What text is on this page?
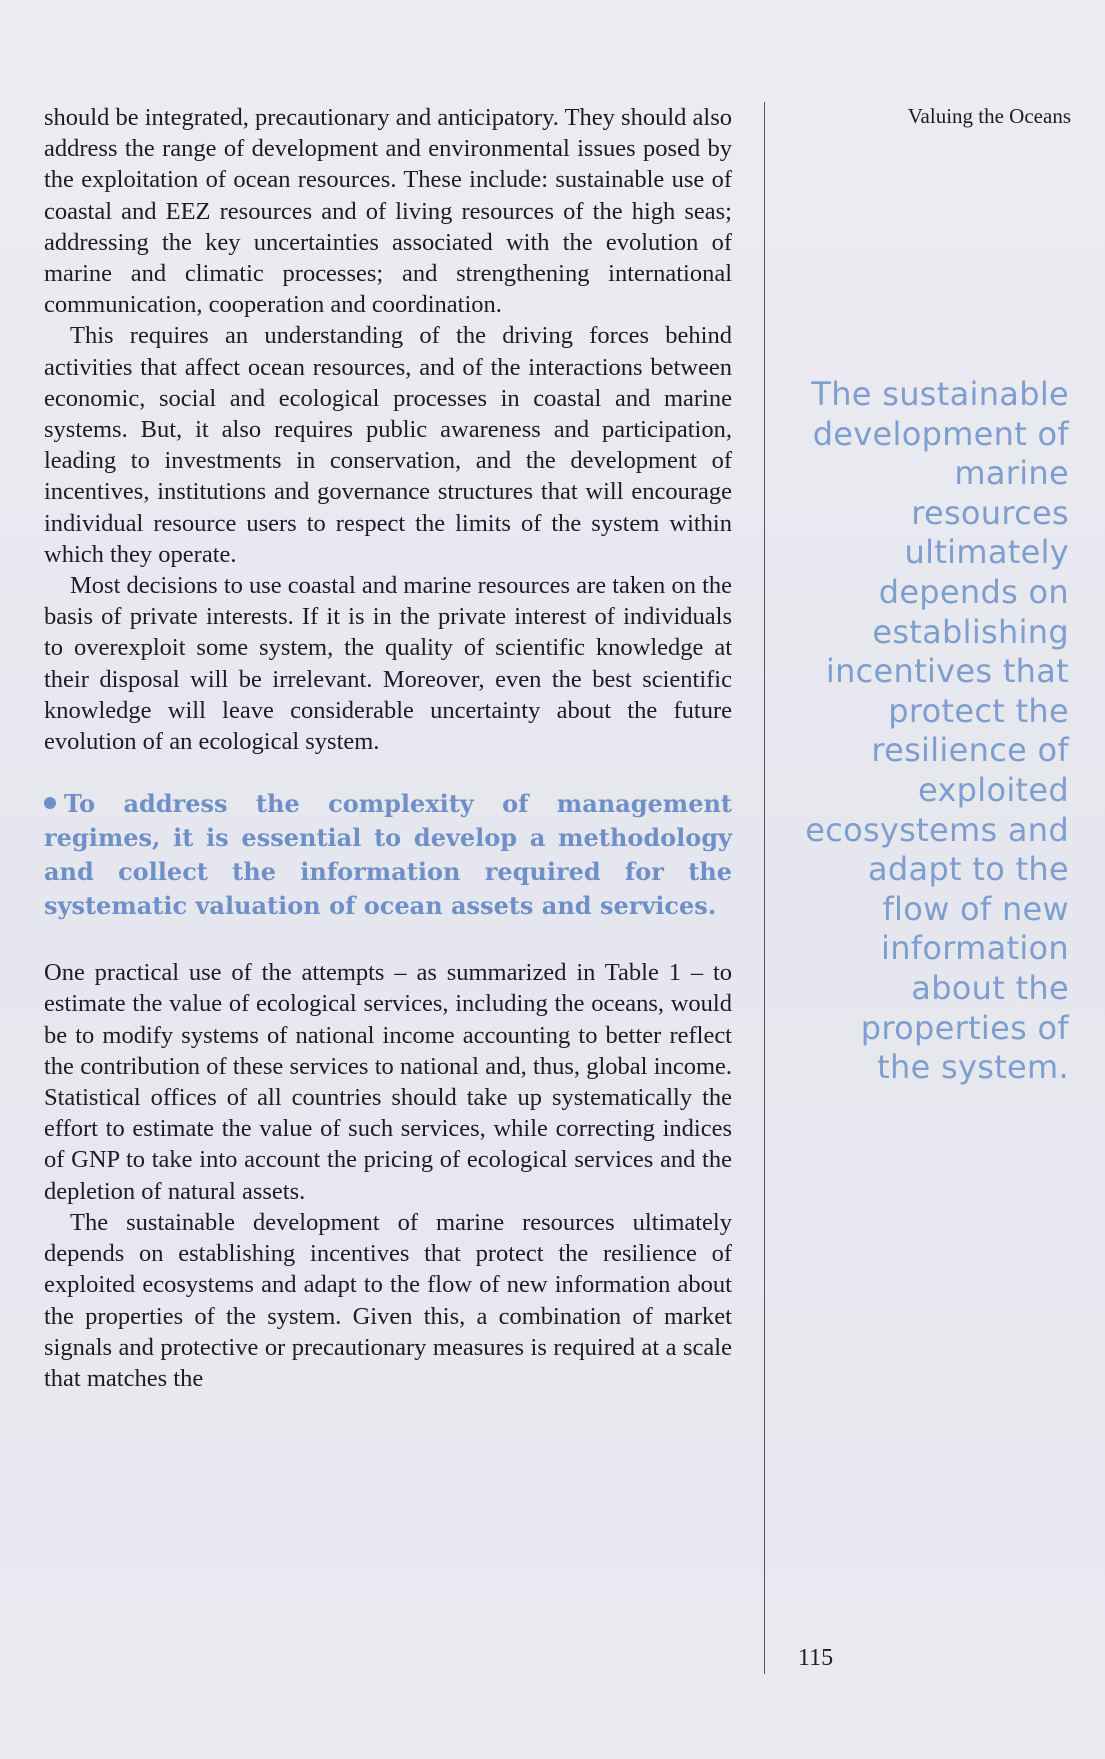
Valuing the Oceans

should be integrated, precautionary and anticipatory. They should also address the range of development and environmental issues posed by the exploitation of ocean resources. These include: sustainable use of coastal and EEZ resources and of living resources of the high seas; addressing the key uncertainties associated with the evolution of marine and climatic processes; and strengthening international communication, cooperation and coordination.

This requires an understanding of the driving forces behind activities that affect ocean resources, and of the interactions between economic, social and ecological processes in coastal and marine systems. But, it also requires public awareness and participation, leading to investments in conservation, and the development of incentives, institutions and governance structures that will encourage individual resource users to respect the limits of the system within which they operate.

Most decisions to use coastal and marine resources are taken on the basis of private interests. If it is in the private interest of individuals to overexploit some system, the quality of scientific knowledge at their disposal will be irrelevant. Moreover, even the best scientific knowledge will leave considerable uncertainty about the future evolution of an ecological system.

To address the complexity of management regimes, it is essential to develop a methodology and collect the information required for the systematic valuation of ocean assets and services.

One practical use of the attempts – as summarized in Table 1 – to estimate the value of ecological services, including the oceans, would be to modify systems of national income accounting to better reflect the contribution of these services to national and, thus, global income. Statistical offices of all countries should take up systematically the effort to estimate the value of such services, while correcting indices of GNP to take into account the pricing of ecological services and the depletion of natural assets.

The sustainable development of marine resources ultimately depends on establishing incentives that protect the resilience of exploited ecosystems and adapt to the flow of new information about the properties of the system. Given this, a combination of market signals and protective or precautionary measures is required at a scale that matches the

The sustainable development of marine resources ultimately depends on establishing incentives that protect the resilience of exploited ecosystems and adapt to the flow of new information about the properties of the system.
115
